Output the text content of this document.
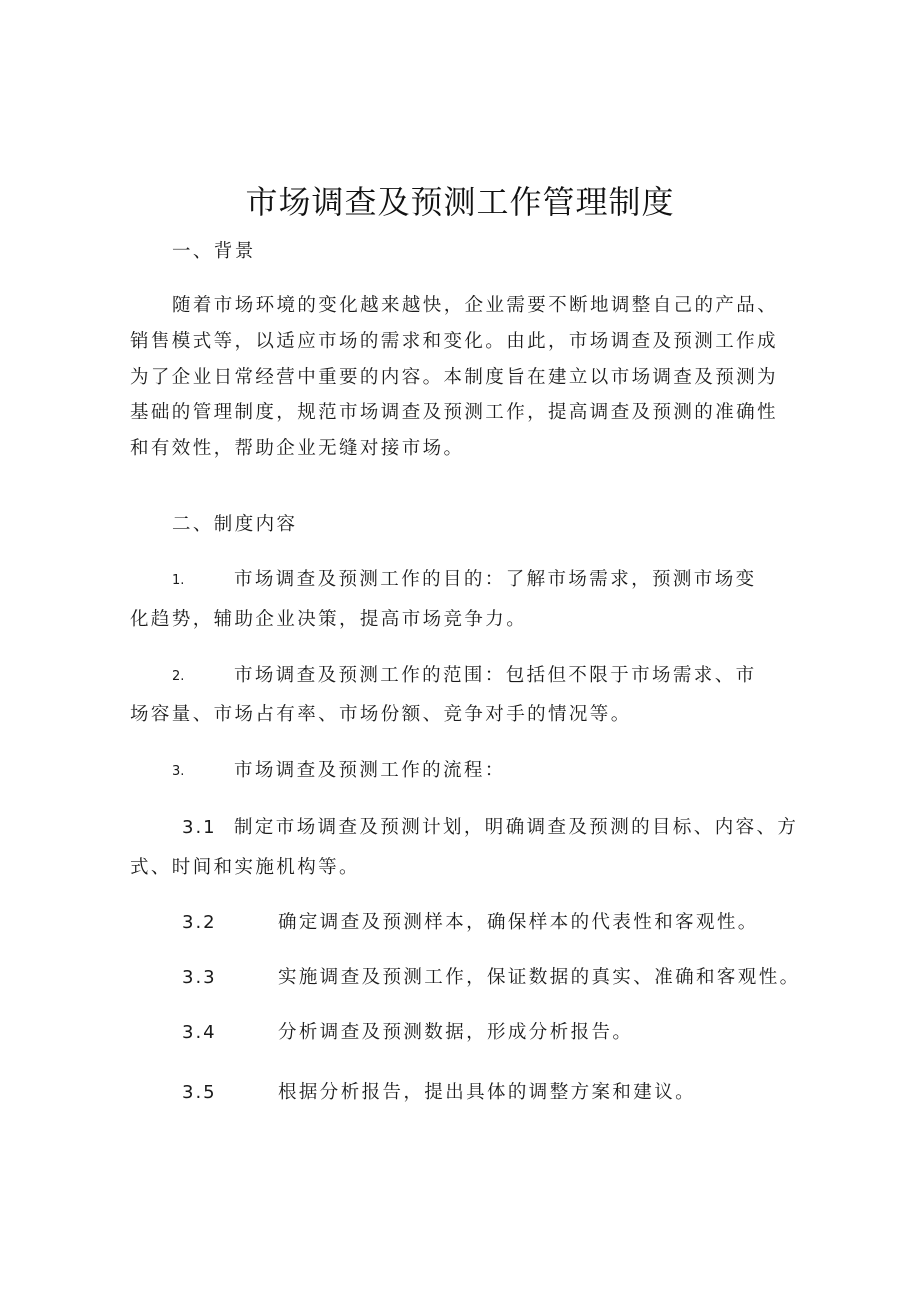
市场调查及预测工作管理制度
一、背景
随着市场环境的变化越来越快，企业需要不断地调整自己的产品、销售模式等，以适应市场的需求和变化。由此，市场调查及预测工作成为了企业日常经营中重要的内容。本制度旨在建立以市场调查及预测为基础的管理制度，规范市场调查及预测工作，提高调查及预测的准确性和有效性，帮助企业无缝对接市场。
二、制度内容
1.	市场调查及预测工作的目的：了解市场需求，预测市场变
化趋势，辅助企业决策，提高市场竞争力。
2.	市场调查及预测工作的范围：包括但不限于市场需求、市
场容量、市场占有率、市场份额、竞争对手的情况等。
3.	市场调查及预测工作的流程：
3.1 制定市场调查及预测计划，明确调查及预测的目标、内容、方
式、时间和实施机构等。
3.2	确定调查及预测样本，确保样本的代表性和客观性。
3.3	实施调查及预测工作，保证数据的真实、准确和客观性。
3.4	分析调查及预测数据，形成分析报告。
3.5	根据分析报告，提出具体的调整方案和建议。
